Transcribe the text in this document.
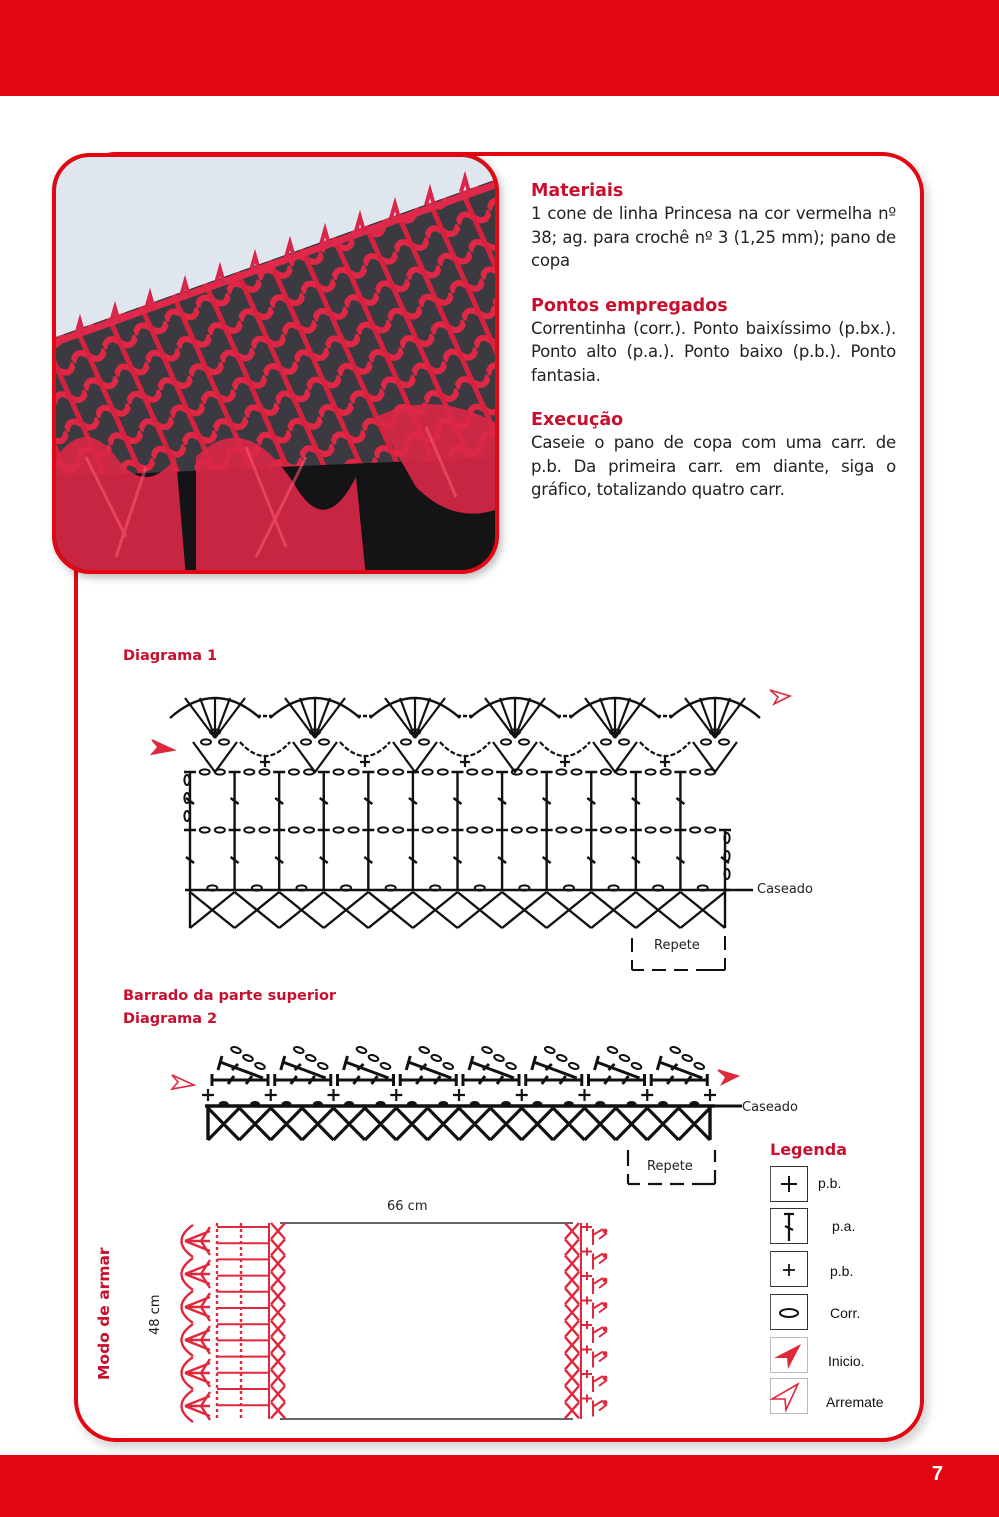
Materiais

1 cone de linha Princesa na cor vermelha nº 38; ag. para crochê nº 3 (1,25 mm); pano de copa

Pontos empregados

Correntinha (corr.). Ponto baixíssimo (p.bx.). Ponto alto (p.a.). Ponto baixo (p.b.). Ponto fantasia.

Execução

Caseie o pano de copa com uma carr. de p.b. Da primeira carr. em diante, siga o gráfico, totalizando quatro carr.

Diagrama 1
Caseado
Repete
Barrado da parte superior
Diagrama 2
Caseado
Repete
Modo de armar	48 cm
66 cm
Legenda
p.b.
p.a.
p.b.
Corr.
Inicio.
Arremate
7
